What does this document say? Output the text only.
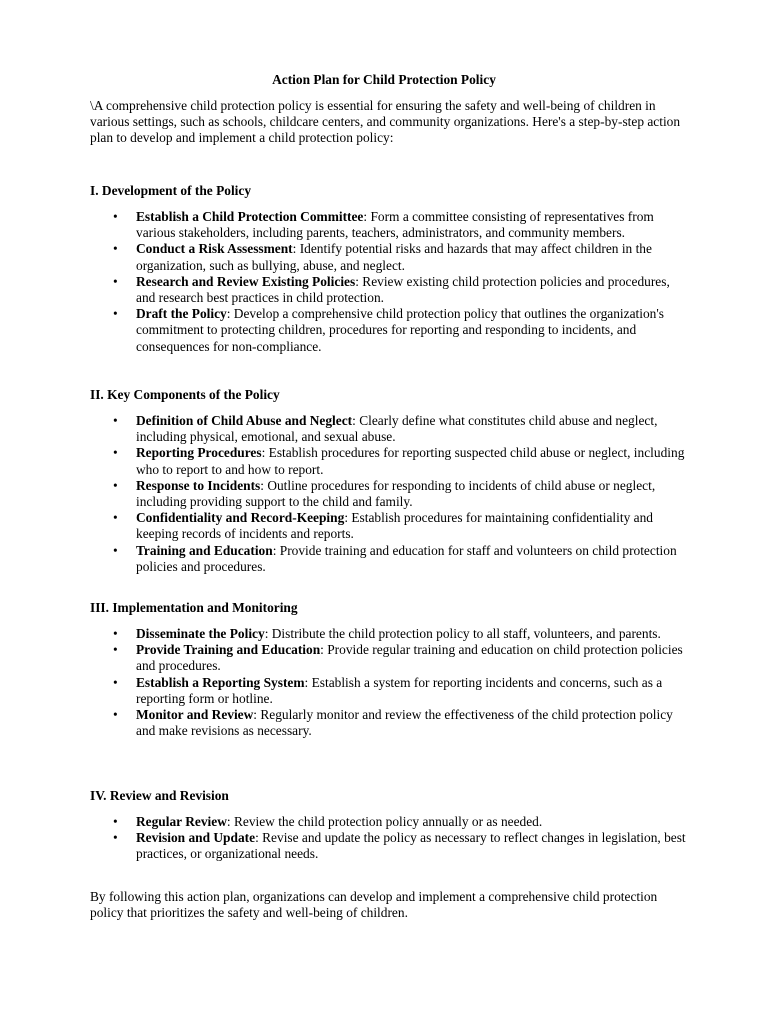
Action Plan for Child Protection Policy

\A comprehensive child protection policy is essential for ensuring the safety and well-being of children in various settings, such as schools, childcare centers, and community organizations. Here's a step-by-step action plan to develop and implement a child protection policy:

I. Development of the Policy

• Establish a Child Protection Committee: Form a committee consisting of representatives from various stakeholders, including parents, teachers, administrators, and community members.
• Conduct a Risk Assessment: Identify potential risks and hazards that may affect children in the organization, such as bullying, abuse, and neglect.
• Research and Review Existing Policies: Review existing child protection policies and procedures, and research best practices in child protection.
• Draft the Policy: Develop a comprehensive child protection policy that outlines the organization's commitment to protecting children, procedures for reporting and responding to incidents, and consequences for non-compliance.

II. Key Components of the Policy

• Definition of Child Abuse and Neglect: Clearly define what constitutes child abuse and neglect, including physical, emotional, and sexual abuse.
• Reporting Procedures: Establish procedures for reporting suspected child abuse or neglect, including who to report to and how to report.
• Response to Incidents: Outline procedures for responding to incidents of child abuse or neglect, including providing support to the child and family.
• Confidentiality and Record-Keeping: Establish procedures for maintaining confidentiality and keeping records of incidents and reports.
• Training and Education: Provide training and education for staff and volunteers on child protection policies and procedures.

III. Implementation and Monitoring

• Disseminate the Policy: Distribute the child protection policy to all staff, volunteers, and parents.
• Provide Training and Education: Provide regular training and education on child protection policies and procedures.
• Establish a Reporting System: Establish a system for reporting incidents and concerns, such as a reporting form or hotline.
• Monitor and Review: Regularly monitor and review the effectiveness of the child protection policy and make revisions as necessary.

IV. Review and Revision

• Regular Review: Review the child protection policy annually or as needed.
• Revision and Update: Revise and update the policy as necessary to reflect changes in legislation, best practices, or organizational needs.

By following this action plan, organizations can develop and implement a comprehensive child protection policy that prioritizes the safety and well-being of children.
